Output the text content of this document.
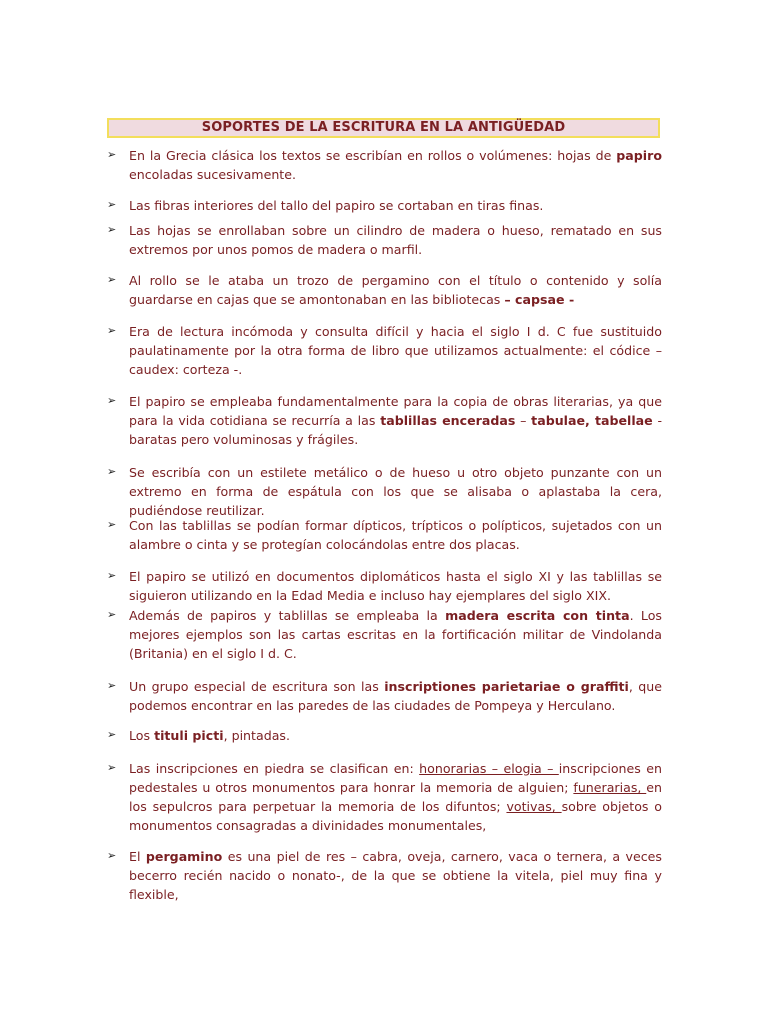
SOPORTES DE LA ESCRITURA EN LA ANTIGÜEDAD
➢	En la Grecia clásica los textos se escribían en rollos o volúmenes: hojas de papiro encoladas sucesivamente.
➢	Las fibras interiores del tallo del papiro se cortaban en tiras finas.
➢	Las hojas se enrollaban sobre un cilindro de madera o hueso, rematado en sus extremos por unos pomos de madera o marfil.
➢	Al rollo se le ataba un trozo de pergamino con el título o contenido y solía guardarse en cajas que se amontonaban en las bibliotecas – capsae -
➢	Era de lectura incómoda y consulta difícil y hacia el siglo I d. C fue sustituido paulatinamente por la otra forma de libro que utilizamos actualmente: el códice – caudex: corteza -.
➢	El papiro se empleaba fundamentalmente para la copia de obras literarias, ya que para la vida cotidiana se recurría a las tablillas enceradas – tabulae, tabellae - baratas pero voluminosas y frágiles.
➢	Se escribía con un estilete metálico o de hueso u otro objeto punzante con un extremo en forma de espátula con los que se alisaba o aplastaba la cera, pudiéndose reutilizar.
➢	Con las tablillas se podían formar dípticos, trípticos o polípticos, sujetados con un alambre o cinta y se protegían colocándolas entre dos placas.
➢	El papiro se utilizó en documentos diplomáticos hasta el siglo XI y las tablillas se siguieron utilizando en la Edad Media e incluso hay ejemplares del siglo XIX.
➢	Además de papiros y tablillas se empleaba la madera escrita con tinta. Los mejores ejemplos son las cartas escritas en la fortificación militar de Vindolanda (Britania) en el siglo I d. C.
➢	Un grupo especial de escritura son las inscriptiones parietariae o graffiti, que podemos encontrar en las paredes de las ciudades de Pompeya y Herculano.
➢	Los tituli picti, pintadas.
➢	Las inscripciones en piedra se clasifican en: honorarias – elogia – inscripciones en pedestales u otros monumentos para honrar la memoria de alguien; funerarias, en los sepulcros para perpetuar la memoria de los difuntos; votivas, sobre objetos o monumentos consagradas a divinidades monumentales,
➢	El pergamino es una piel de res – cabra, oveja, carnero, vaca o ternera, a veces becerro recién nacido o nonato-, de la que se obtiene la vitela, piel muy fina y flexible,
